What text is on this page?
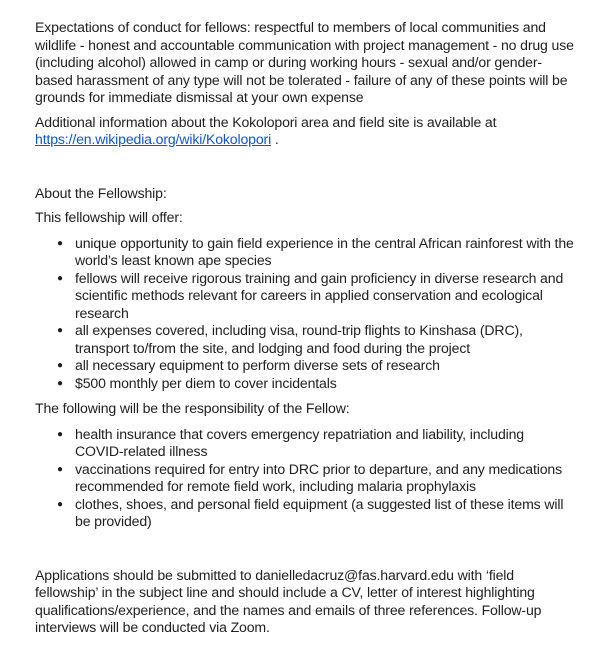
Expectations of conduct for fellows: respectful to members of local communities and wildlife - honest and accountable communication with project management - no drug use (including alcohol) allowed in camp or during working hours - sexual and/or gender-based harassment of any type will not be tolerated - failure of any of these points will be grounds for immediate dismissal at your own expense

Additional information about the Kokolopori area and field site is available at https://en.wikipedia.org/wiki/Kokolopori .

About the Fellowship:

This fellowship will offer:

● unique opportunity to gain field experience in the central African rainforest with the world’s least known ape species
● fellows will receive rigorous training and gain proficiency in diverse research and scientific methods relevant for careers in applied conservation and ecological research
● all expenses covered, including visa, round-trip flights to Kinshasa (DRC), transport to/from the site, and lodging and food during the project
● all necessary equipment to perform diverse sets of research
● $500 monthly per diem to cover incidentals

The following will be the responsibility of the Fellow:

● health insurance that covers emergency repatriation and liability, including COVID-related illness
● vaccinations required for entry into DRC prior to departure, and any medications recommended for remote field work, including malaria prophylaxis
● clothes, shoes, and personal field equipment (a suggested list of these items will be provided)

Applications should be submitted to danielledacruz@fas.harvard.edu with ‘field fellowship’ in the subject line and should include a CV, letter of interest highlighting qualifications/experience, and the names and emails of three references. Follow-up interviews will be conducted via Zoom.
